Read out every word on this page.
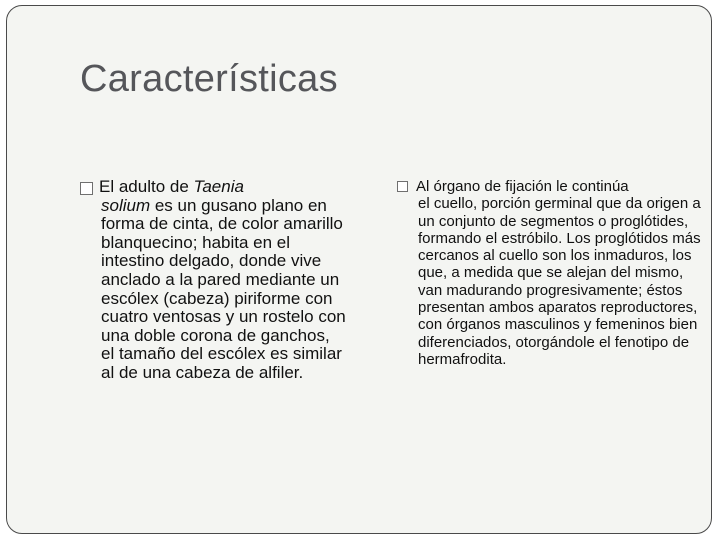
Características
El adulto de Taenia
solium es un gusano plano en forma de cinta, de color amarillo blanquecino; habita en el intestino delgado, donde vive anclado a la pared mediante un escólex (cabeza) piriforme con cuatro ventosas y un rostelo con una doble corona de ganchos, el tamaño del escólex es similar al de una cabeza de alfiler.
Al órgano de fijación le continúa
el cuello, porción germinal que da origen a un conjunto de segmentos o proglótides, formando el estróbilo. Los proglótidos más cercanos al cuello son los inmaduros, los que, a medida que se alejan del mismo, van madurando progresivamente; éstos presentan ambos aparatos reproductores, con órganos masculinos y femeninos bien diferenciados, otorgándole el fenotipo de hermafrodita.
